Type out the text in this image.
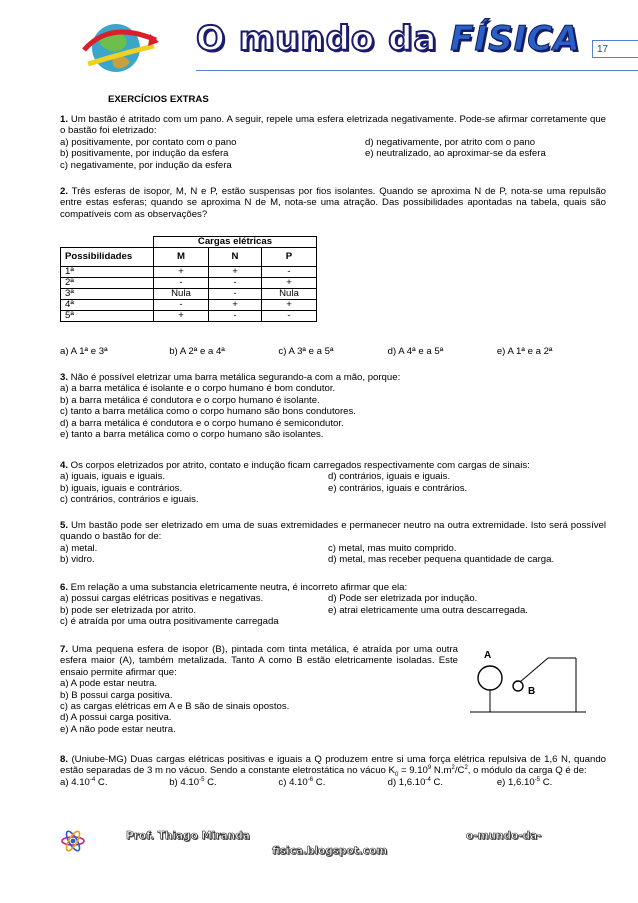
O mundo da FÍSICA	17
EXERCÍCIOS EXTRAS

1. Um bastão é atritado com um pano. A seguir, repele uma esfera eletrizada negativamente. Pode-se afirmar corretamente que o bastão foi eletrizado:

a) positivamente, por contato com o pano
b) positivamente, por indução da esfera
c) negativamente, por indução da esfera
d) negativamente, por atrito com o pano
e) neutralizado, ao aproximar-se da esfera

2. Três esferas de isopor, M, N e P, estão suspensas por fios isolantes. Quando se aproxima N de P, nota-se uma repulsão entre estas esferas; quando se aproxima N de M, nota-se uma atração. Das possibilidades apontadas na tabela, quais são compatíveis com as observações?

	Cargas elétricas		
Possibilidades	M	N	P
1ª	+	+	-
2ª	-	-	+
3ª	Nula	-	Nula
4ª	-	+	+
5ª	+	-	-
a) A 1ª e 3ª	b) A 2ª e a 4ª	c) A 3ª e a 5ª	d) A 4ª e a 5ª	e) A 1ª e a 2ª

3. Não é possível eletrizar uma barra metálica segurando-a com a mão, porque:

a) a barra metálica é isolante e o corpo humano é bom condutor.
b) a barra metálica é condutora e o corpo humano é isolante.
c) tanto a barra metálica como o corpo humano são bons condutores.
d) a barra metálica é condutora e o corpo humano é semicondutor.
e) tanto a barra metálica como o corpo humano são isolantes.

4. Os corpos eletrizados por atrito, contato e indução ficam carregados respectivamente com cargas de sinais:

a) iguais, iguais e iguais.
b) iguais, iguais e contrários.
c) contrários, contrários e iguais.
d) contrários, iguais e iguais.
e) contrários, iguais e contrários.

5. Um bastão pode ser eletrizado em uma de suas extremidades e permanecer neutro na outra extremidade. Isto será possível quando o bastão for de:

a) metal.
b) vidro.
c) metal, mas muito comprido.
d) metal, mas receber pequena quantidade de carga.

6. Em relação a uma substancia eletricamente neutra, é incorreto afirmar que ela:

a) possui cargas elétricas positivas e negativas.
b) pode ser eletrizada por atrito.
c) é atraída por uma outra positivamente carregada
d) Pode ser eletrizada por indução.
e) atrai eletricamente uma outra descarregada.

7. Uma pequena esfera de isopor (B), pintada com tinta metálica, é atraída por uma outra esfera maior (A), também metalizada. Tanto A como B estão eletricamente isoladas. Este ensaio permite afirmar que:

a) A pode estar neutra.
b) B possui carga positiva.
c) as cargas elétricas em A e B são de sinais opostos.
d) A possui carga positiva.
e) A não pode estar neutra.
A
B

8. (Uniube-MG) Duas cargas elétricas positivas e iguais a Q produzem entre si uma força elétrica repulsiva de 1,6 N, quando estão separadas de 3 m no vácuo. Sendo a constante eletrostática no vácuo $K_0 = 9.10^9$ $N.m^2/C^2$, o módulo da carga Q é de:

a) $4.10^{-4}$ C.	b) $4.10^{-5}$ C.	c) $4.10^{-6}$ C.	d) $1,6.10^{-4}$ C.	e) $1,6.10^{-5}$ C.
Prof. Thiago Miranda	o-mundo-da-
fisica.blogspot.com
